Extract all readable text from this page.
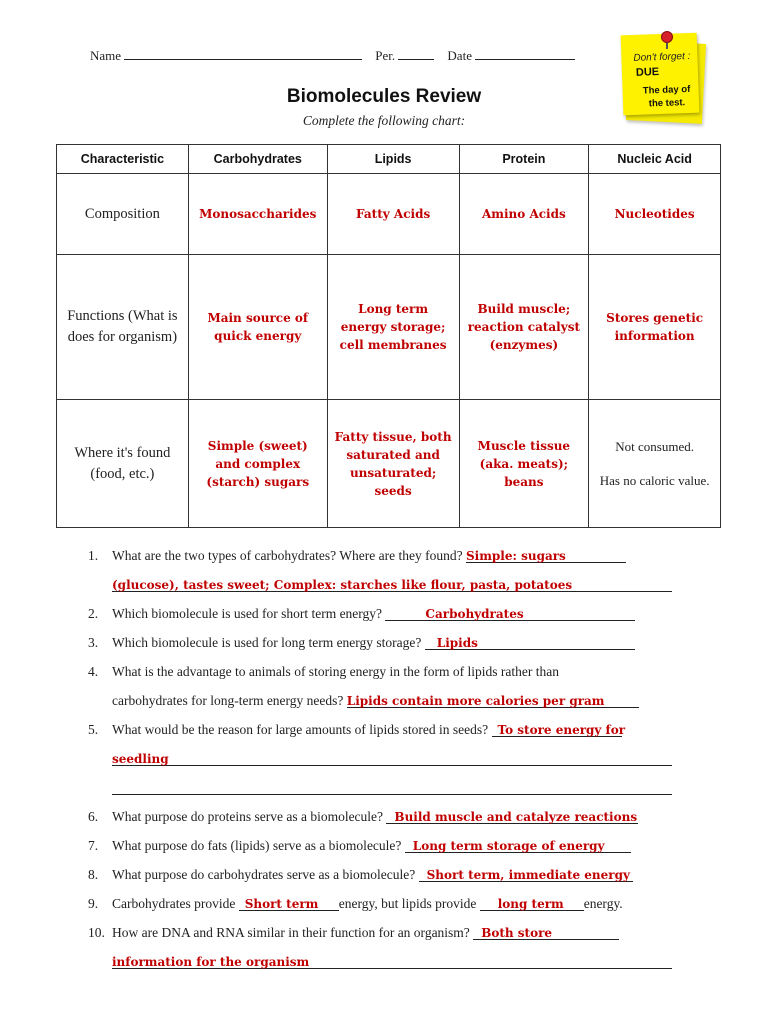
Name	Per.	Date	Don't forget :
DUE
The day of the test.
Biomolecules Review
Complete the following chart:
Characteristic	Carbohydrates	Lipids	Protein	Nucleic Acid
Composition	Monosaccharides	Fatty Acids	Amino Acids	Nucleotides
Functions (What is does for organism)	Main source of quick energy	Long term energy storage; cell membranes	Build muscle; reaction catalyst (enzymes)	Stores genetic information
Where it's found (food, etc.)	Simple (sweet) and complex (starch) sugars	Fatty tissue, both saturated and unsaturated; seeds	Muscle tissue (aka. meats); beans	Not consumed.
Has no caloric value.
1. What are the two types of carbohydrates? Where are they found? Simple: sugars
(glucose), tastes sweet; Complex: starches like flour, pasta, potatoes
2. Which biomolecule is used for short term energy?	Carbohydrates
3. Which biomolecule is used for long term energy storage? Lipids
4. What is the advantage to animals of storing energy in the form of lipids rather than
carbohydrates for long-term energy needs? Lipids contain more calories per gram
5. What would be the reason for large amounts of lipids stored in seeds? To store energy for
seedling
6. What purpose do proteins serve as a biomolecule? Build muscle and catalyze reactions
7. What purpose do fats (lipids) serve as a biomolecule? Long term storage of energy
8. What purpose do carbohydrates serve as a biomolecule? Short term, immediate energy
9. Carbohydrates provide Short term energy, but lipids provide long term energy.
10. How are DNA and RNA similar in their function for an organism? Both store
information for the organism
